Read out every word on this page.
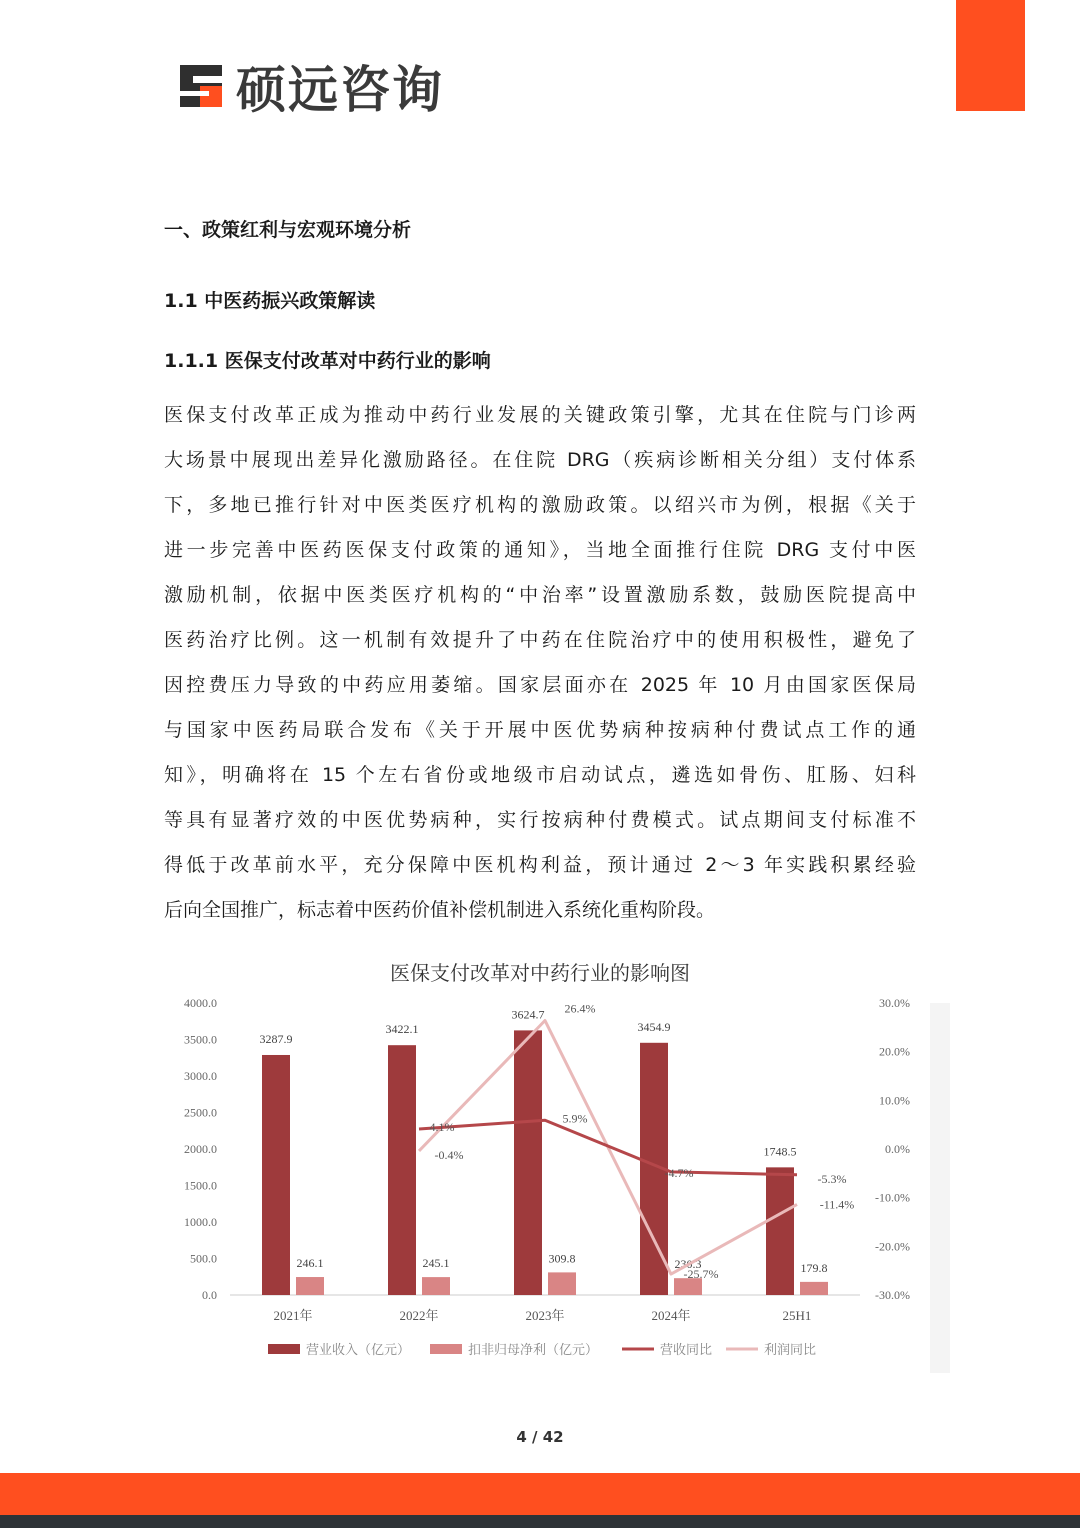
硕远咨询
一、政策红利与宏观环境分析
1.1 中医药振兴政策解读
1.1.1 医保支付改革对中药行业的影响
医保支付改革正成为推动中药行业发展的关键政策引擎，尤其在住院与门诊两
大场景中展现出差异化激励路径。在住院 DRG（疾病诊断相关分组）支付体系
下，多地已推行针对中医类医疗机构的激励政策。以绍兴市为例，根据《关于
进一步完善中医药医保支付政策的通知》，当地全面推行住院 DRG 支付中医
激励机制，依据中医类医疗机构的“中治率”设置激励系数，鼓励医院提高中
医药治疗比例。这一机制有效提升了中药在住院治疗中的使用积极性，避免了
因控费压力导致的中药应用萎缩。国家层面亦在 2025 年 10 月由国家医保局
与国家中医药局联合发布《关于开展中医优势病种按病种付费试点工作的通
知》，明确将在 15 个左右省份或地级市启动试点，遴选如骨伤、肛肠、妇科
等具有显著疗效的中医优势病种，实行按病种付费模式。试点期间支付标准不
得低于改革前水平，充分保障中医机构利益，预计通过 2～3 年实践积累经验
后向全国推广，标志着中医药价值补偿机制进入系统化重构阶段。
医保支付改革对中药行业的影响图
4000.0
3500.0
3000.0
2500.0
2000.0
1500.0
1000.0
500.0
0.0
30.0%
20.0%
10.0%
0.0%
-10.0%
-20.0%
-30.0%
2021年	2022年	2023年	2024年	25H1
3287.9
3422.1
3624.7
3454.9
1748.5
246.1	245.1	309.8	230.3	179.8
-0.4%
26.4%
-25.7%
-11.4%
4.1%
5.9%
-4.7%	-5.3%
营业收入（亿元）	扣非归母净利（亿元）	营收同比	利润同比
4 / 42
